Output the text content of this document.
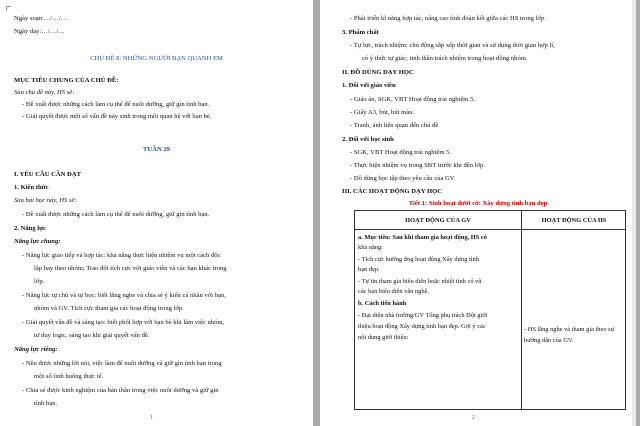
Ngày soạn:…/…/…
Ngày dạy:…/…/…
CHỦ ĐỀ 8: NHỮNG NGƯỜI BẠN QUANH EM
MỤC TIÊU CHUNG CỦA CHỦ ĐỀ:
Sau chủ đề này, HS sẽ:
- Đề xuất được những cách làm cụ thể để nuôi dưỡng, giữ gìn tình bạn.
- Giải quyết được một số vấn đề này sinh trong mối quan hệ với bạn bè.
TUẦN 29
I. YÊU CẦU CẦN ĐẠT
1. Kiến thức
Sau bài học này, HS sẽ:
- Đề xuất được những cách làm cụ thể để nuôi dưỡng, giữ gìn tình bạn.
2. Năng lực
Năng lực chung:
- Năng lực giao tiếp và hợp tác: khả năng thực hiện nhiệm vụ một cách độc
lập hay theo nhóm; Trao đổi tích cực với giáo viên và các bạn khác trong
lớp.
- Năng lực tự chủ và tự học: biết lắng nghe và chia sẻ ý kiến cá nhân với bạn,
nhóm và GV. Tích cực tham gia các hoạt động trong lớp.
- Giải quyết vấn đề và sáng tạo: biết phối hợp với bạn bè khi làm việc nhóm,
tư duy logic, sáng tạo khi giải quyết vấn đề.
Năng lực riêng:
- Nêu được những lời nói, việc làm để nuôi dưỡng và giữ gìn tình bạn trong
một số tình huống thực tế.
- Chia sẻ được kinh nghiệm của bản thân trong việc nuôi dưỡng và giữ gìn
tình bạn.
1
- Phát triển kĩ năng hợp tác, nâng cao tình đoàn kết giữa các HS trong lớp.
3. Phẩm chất
- Tự lực, trách nhiệm: chủ động sắp xếp thời gian và sử dụng thời gian hợp lí,
có ý thức tự giác; tinh thần trách nhiệm trong hoạt động nhóm.
II. ĐỒ DÙNG DẠY HỌC
1. Đối với giáo viên
- Giáo án, SGK, VBT Hoạt động trải nghiệm 5.
- Giấy A3, bút, bút màu.
- Tranh, ảnh liên quan đến chủ đề
2. Đối với học sinh
- SGK, VBT Hoạt động trải nghiệm 5.
- Thực hiện nhiệm vụ trong SBT trước khi đến lớp.
- Đồ dùng học tập theo yêu cầu của GV.
III. CÁC HOẠT ĐỘNG DẠY HỌC
Tiết 1: Sinh hoạt dưới cờ: Xây dựng tình bạn đẹp
HOẠT ĐỘNG CỦA GV	HOẠT ĐỘNG CỦA HS
a. Mục tiêu: Sau khi tham gia hoạt động, HS có
khả năng:
- Tích cực hưởng ứng hoạt động Xây dựng tình
bạn đẹp.
- Tự tin tham gia biểu diễn hoặc nhiệt tình cổ vũ
các bạn biểu diễn văn nghệ.
b. Cách tiến hành
- Đại diện nhà trường/GV Tổng phụ trách Đội giới
thiệu hoạt động Xây dựng tình bạn đẹp. Gợi ý các
nội dung giới thiệu:
- HS lắng nghe và tham gia theo sự
hướng dẫn của GV.
2
